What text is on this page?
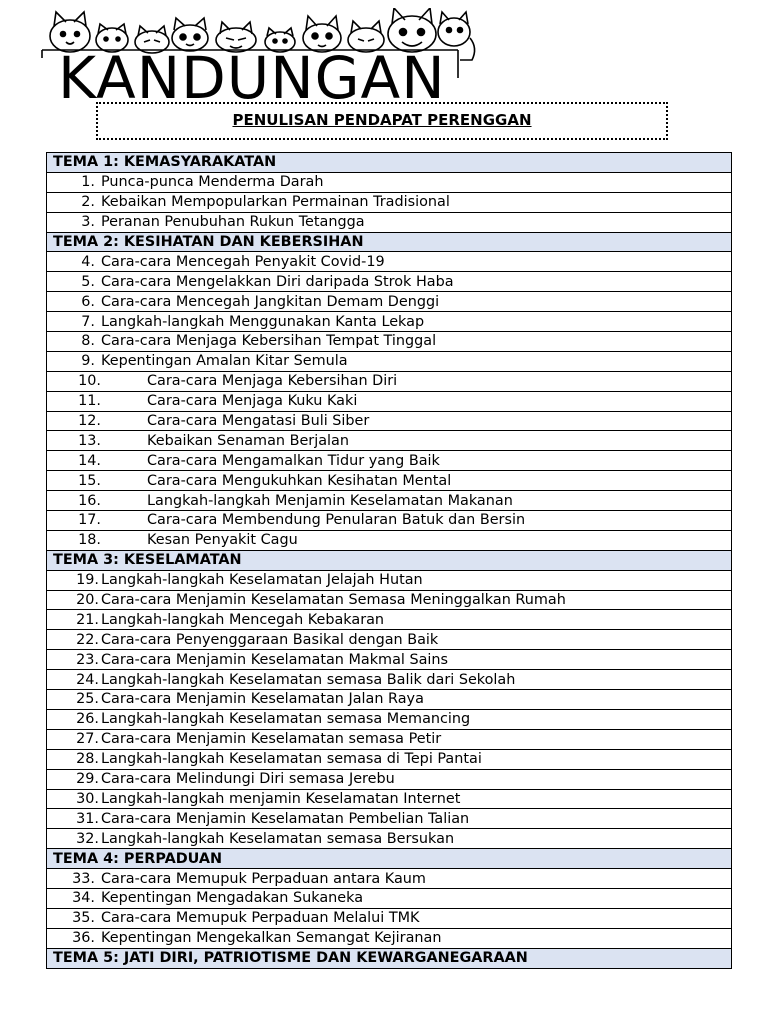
KANDUNGAN
PENULISAN PENDAPAT PERENGGAN
TEMA 1: KEMASYARAKATAN
1. Punca-punca Menderma Darah
2. Kebaikan Mempopularkan Permainan Tradisional
3. Peranan Penubuhan Rukun Tetangga
TEMA 2: KESIHATAN DAN KEBERSIHAN
4. Cara-cara Mencegah Penyakit Covid-19
5. Cara-cara Mengelakkan Diri daripada Strok Haba
6. Cara-cara Mencegah Jangkitan Demam Denggi
7. Langkah-langkah Menggunakan Kanta Lekap
8. Cara-cara Menjaga Kebersihan Tempat Tinggal
9. Kepentingan Amalan Kitar Semula
10.	Cara-cara Menjaga Kebersihan Diri
11.	Cara-cara Menjaga Kuku Kaki
12.	Cara-cara Mengatasi Buli Siber
13.	Kebaikan Senaman Berjalan
14.	Cara-cara Mengamalkan Tidur yang Baik
15.	Cara-cara Mengukuhkan Kesihatan Mental
16.	Langkah-langkah Menjamin Keselamatan Makanan
17.	Cara-cara Membendung Penularan Batuk dan Bersin
18.	Kesan Penyakit Cagu
TEMA 3: KESELAMATAN
19. Langkah-langkah Keselamatan Jelajah Hutan
20. Cara-cara Menjamin Keselamatan Semasa Meninggalkan Rumah
21. Langkah-langkah Mencegah Kebakaran
22. Cara-cara Penyenggaraan Basikal dengan Baik
23. Cara-cara Menjamin Keselamatan Makmal Sains
24. Langkah-langkah Keselamatan semasa Balik dari Sekolah
25. Cara-cara Menjamin Keselamatan Jalan Raya
26. Langkah-langkah Keselamatan semasa Memancing
27. Cara-cara Menjamin Keselamatan semasa Petir
28. Langkah-langkah Keselamatan semasa di Tepi Pantai
29. Cara-cara Melindungi Diri semasa Jerebu
30. Langkah-langkah menjamin Keselamatan Internet
31. Cara-cara Menjamin Keselamatan Pembelian Talian
32. Langkah-langkah Keselamatan semasa Bersukan
TEMA 4: PERPADUAN
33. Cara-cara Memupuk Perpaduan antara Kaum
34. Kepentingan Mengadakan Sukaneka
35. Cara-cara Memupuk Perpaduan Melalui TMK
36. Kepentingan Mengekalkan Semangat Kejiranan
TEMA 5: JATI DIRI, PATRIOTISME DAN KEWARGANEGARAAN
